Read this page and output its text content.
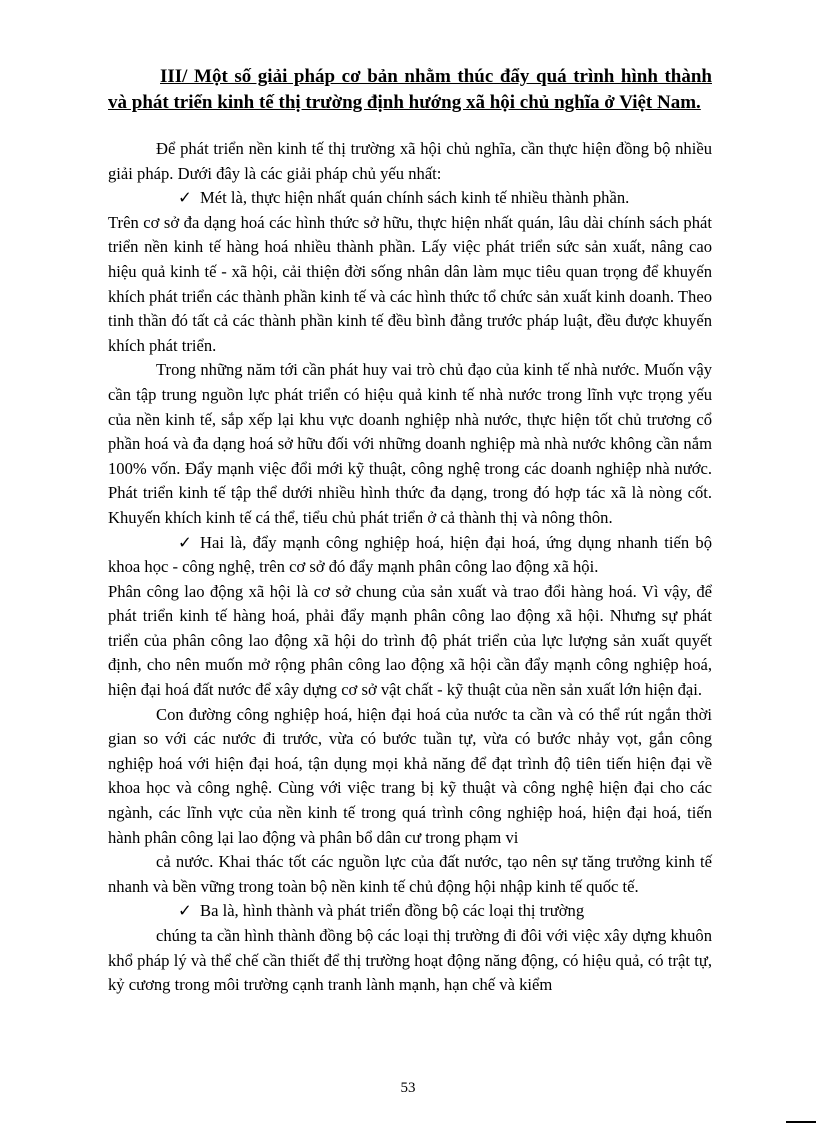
III/ Một số giải pháp cơ bản nhằm thúc đẩy quá trình hình thành và phát triển kinh tế thị trường định hướng xã hội chủ nghĩa ở Việt Nam.

Để phát triển nền kinh tế thị trường xã hội chủ nghĩa, cần thực hiện đồng bộ nhiều giải pháp. Dưới đây là các giải pháp chủ yếu nhất:

✓ Mét là, thực hiện nhất quán chính sách kinh tế nhiều thành phần.

Trên cơ sở đa dạng hoá các hình thức sở hữu, thực hiện nhất quán, lâu dài chính sách phát triển nền kinh tế hàng hoá nhiều thành phần. Lấy việc phát triển sức sản xuất, nâng cao hiệu quả kinh tế - xã hội, cải thiện đời sống nhân dân làm mục tiêu quan trọng để khuyến khích phát triển các thành phần kinh tế và các hình thức tổ chức sản xuất kinh doanh. Theo tinh thần đó tất cả các thành phần kinh tế đều bình đẳng trước pháp luật, đều được khuyến khích phát triển.

Trong những năm tới cần phát huy vai trò chủ đạo của kinh tế nhà nước. Muốn vậy cần tập trung nguồn lực phát triển có hiệu quả kinh tế nhà nước trong lĩnh vực trọng yếu của nền kinh tế, sắp xếp lại khu vực doanh nghiệp nhà nước, thực hiện tốt chủ trương cổ phần hoá và đa dạng hoá sở hữu đối với những doanh nghiệp mà nhà nước không cần nắm 100% vốn. Đẩy mạnh việc đổi mới kỹ thuật, công nghệ trong các doanh nghiệp nhà nước. Phát triển kinh tế tập thể dưới nhiều hình thức đa dạng, trong đó hợp tác xã là nòng cốt. Khuyến khích kinh tế cá thể, tiểu chủ phát triển ở cả thành thị và nông thôn.

✓ Hai là, đẩy mạnh công nghiệp hoá, hiện đại hoá, ứng dụng nhanh tiến bộ khoa học - công nghệ, trên cơ sở đó đẩy mạnh phân công lao động xã hội.

Phân công lao động xã hội là cơ sở chung của sản xuất và trao đổi hàng hoá. Vì vậy, để phát triển kinh tế hàng hoá, phải đẩy mạnh phân công lao động xã hội. Nhưng sự phát triển của phân công lao động xã hội do trình độ phát triển của lực lượng sản xuất quyết định, cho nên muốn mở rộng phân công lao động xã hội cần đẩy mạnh công nghiệp hoá, hiện đại hoá đất nước để xây dựng cơ sở vật chất - kỹ thuật của nền sản xuất lớn hiện đại.

Con đường công nghiệp hoá, hiện đại hoá của nước ta cần và có thể rút ngắn thời gian so với các nước đi trước, vừa có bước tuần tự, vừa có bước nhảy vọt, gắn công nghiệp hoá với hiện đại hoá, tận dụng mọi khả năng để đạt trình độ tiên tiến hiện đại về khoa học và công nghệ. Cùng với việc trang bị kỹ thuật và công nghệ hiện đại cho các ngành, các lĩnh vực của nền kinh tế trong quá trình công nghiệp hoá, hiện đại hoá, tiến hành phân công lại lao động và phân bổ dân cư trong phạm vi

cả nước. Khai thác tốt các nguồn lực của đất nước, tạo nên sự tăng trưởng kinh tế nhanh và bền vững trong toàn bộ nền kinh tế chủ động hội nhập kinh tế quốc tế.

✓ Ba là, hình thành và phát triển đồng bộ các loại thị trường

chúng ta cần hình thành đồng bộ các loại thị trường đi đôi với việc xây dựng khuôn khổ pháp lý và thể chế cần thiết để thị trường hoạt động năng động, có hiệu quả, có trật tự, kỷ cương trong môi trường cạnh tranh lành mạnh, hạn chế và kiểm

53
